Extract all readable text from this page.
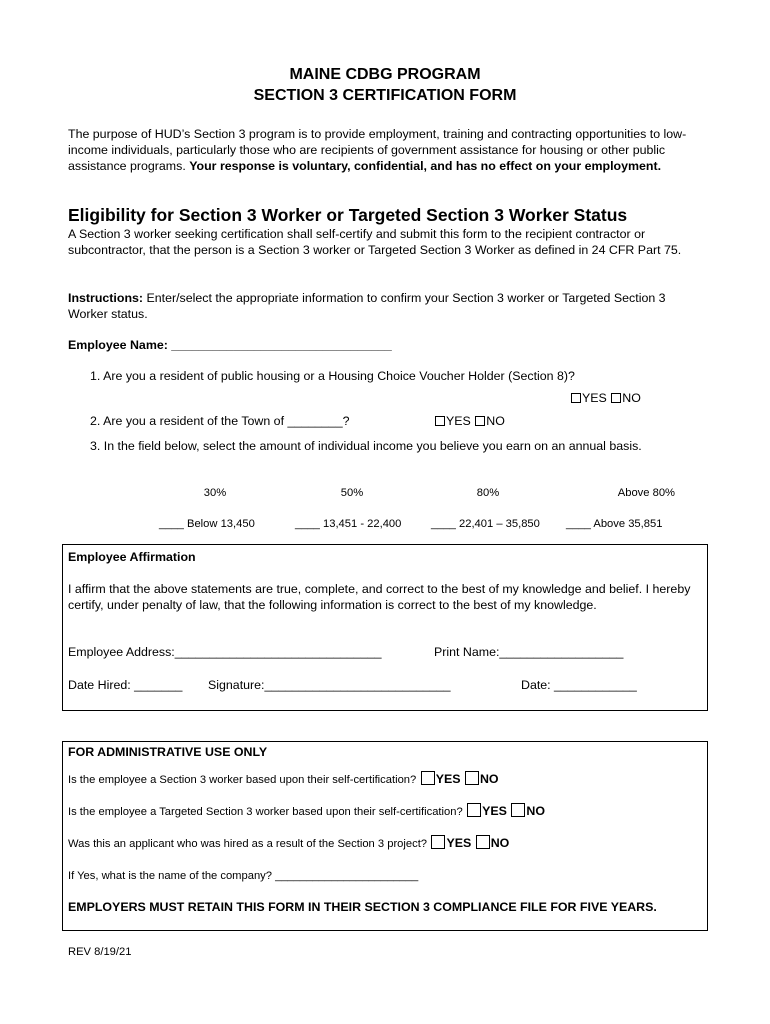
MAINE CDBG PROGRAM
SECTION 3 CERTIFICATION FORM
The purpose of HUD’s Section 3 program is to provide employment, training and contracting opportunities to low-income individuals, particularly those who are recipients of government assistance for housing or other public assistance programs. Your response is voluntary, confidential, and has no effect on your employment.
Eligibility for Section 3 Worker or Targeted Section 3 Worker Status
A Section 3 worker seeking certification shall self-certify and submit this form to the recipient contractor or subcontractor, that the person is a Section 3 worker or Targeted Section 3 Worker as defined in 24 CFR Part 75.
Instructions: Enter/select the appropriate information to confirm your Section 3 worker or Targeted Section 3 Worker status.
Employee Name: ________________________________
1. Are you a resident of public housing or a Housing Choice Voucher Holder (Section 8)?
YES NO
2. Are you a resident of the Town of ________?	YES NO
3. In the field below, select the amount of individual income you believe you earn on an annual basis.
30%	50%	80%	Above 80%
____ Below 13,450	____ 13,451 - 22,400	____ 22,401 – 35,850 ____ Above 35,851
Employee Affirmation
I affirm that the above statements are true, complete, and correct to the best of my knowledge and belief. I hereby certify, under penalty of law, that the following information is correct to the best of my knowledge.
Employee Address:______________________________	Print Name:__________________
Date Hired: _______ Signature:___________________________	Date: ____________
FOR ADMINISTRATIVE USE ONLY
Is the employee a Section 3 worker based upon their self-certification? YES NO
Is the employee a Targeted Section 3 worker based upon their self-certification? YES NO
Was this an applicant who was hired as a result of the Section 3 project? YES NO
If Yes, what is the name of the company? _______________________
EMPLOYERS MUST RETAIN THIS FORM IN THEIR SECTION 3 COMPLIANCE FILE FOR FIVE YEARS.
REV 8/19/21
